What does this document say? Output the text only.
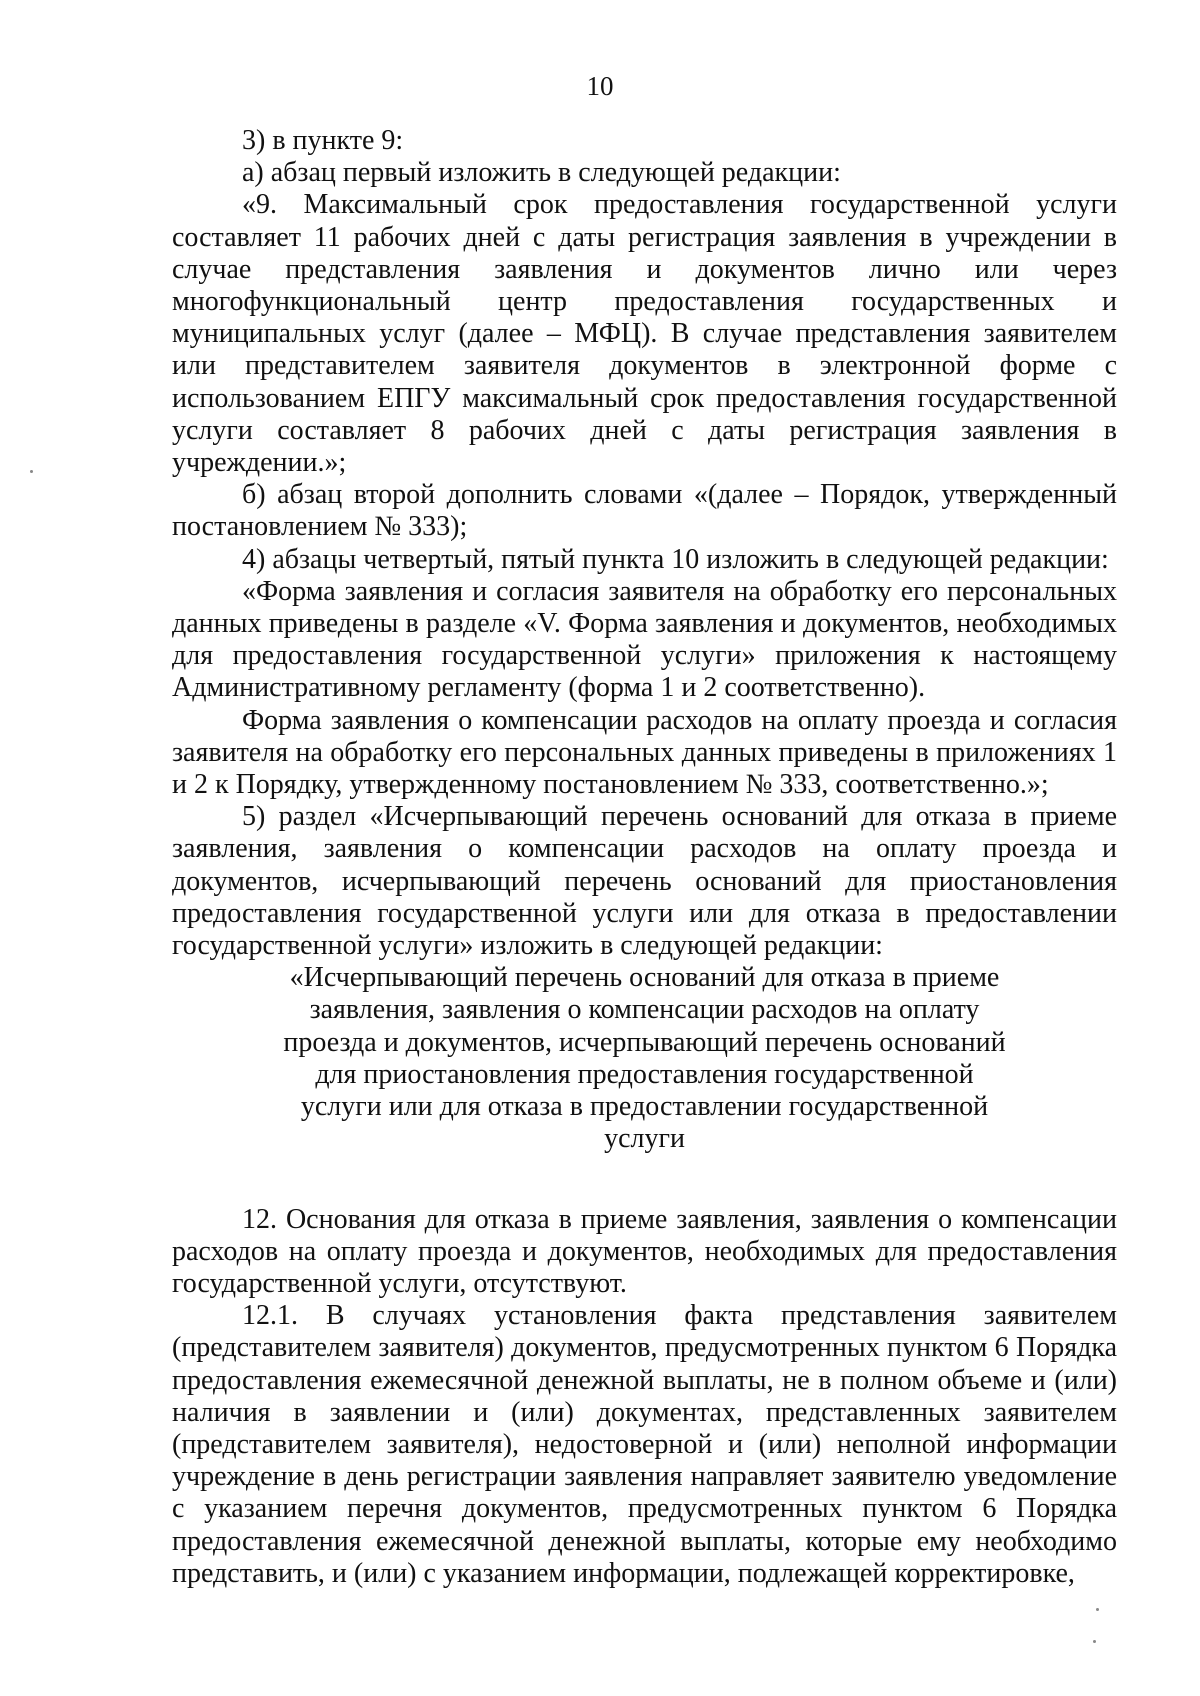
10

3) в пункте 9:

а) абзац первый изложить в следующей редакции:

«9. Максимальный срок предоставления государственной услуги составляет 11 рабочих дней с даты регистрация заявления в учреждении в случае представления заявления и документов лично или через многофункциональный центр предоставления государственных и муниципальных услуг (далее – МФЦ). В случае представления заявителем или представителем заявителя документов в электронной форме с использованием ЕПГУ максимальный срок предоставления государственной услуги составляет 8 рабочих дней с даты регистрация заявления в учреждении.»;

б) абзац второй дополнить словами «(далее – Порядок, утвержденный постановлением № 333);

4) абзацы четвертый, пятый пункта 10 изложить в следующей редакции:

«Форма заявления и согласия заявителя на обработку его персональных данных приведены в разделе «V. Форма заявления и документов, необходимых для предоставления государственной услуги» приложения к настоящему Административному регламенту (форма 1 и 2 соответственно).

Форма заявления о компенсации расходов на оплату проезда и согласия заявителя на обработку его персональных данных приведены в приложениях 1 и 2 к Порядку, утвержденному постановлением № 333, соответственно.»;

5) раздел «Исчерпывающий перечень оснований для отказа в приеме заявления, заявления о компенсации расходов на оплату проезда и документов, исчерпывающий перечень оснований для приостановления предоставления государственной услуги или для отказа в предоставлении государственной услуги» изложить в следующей редакции:

«Исчерпывающий перечень оснований для отказа в приеме заявления, заявления о компенсации расходов на оплату проезда и документов, исчерпывающий перечень оснований для приостановления предоставления государственной услуги или для отказа в предоставлении государственной услуги

12. Основания для отказа в приеме заявления, заявления о компенсации расходов на оплату проезда и документов, необходимых для предоставления государственной услуги, отсутствуют.

12.1. В случаях установления факта представления заявителем (представителем заявителя) документов, предусмотренных пунктом 6 Порядка предоставления ежемесячной денежной выплаты, не в полном объеме и (или) наличия в заявлении и (или) документах, представленных заявителем (представителем заявителя), недостоверной и (или) неполной информации учреждение в день регистрации заявления направляет заявителю уведомление с указанием перечня документов, предусмотренных пунктом 6 Порядка предоставления ежемесячной денежной выплаты, которые ему необходимо представить, и (или) с указанием информации, подлежащей корректировке,
